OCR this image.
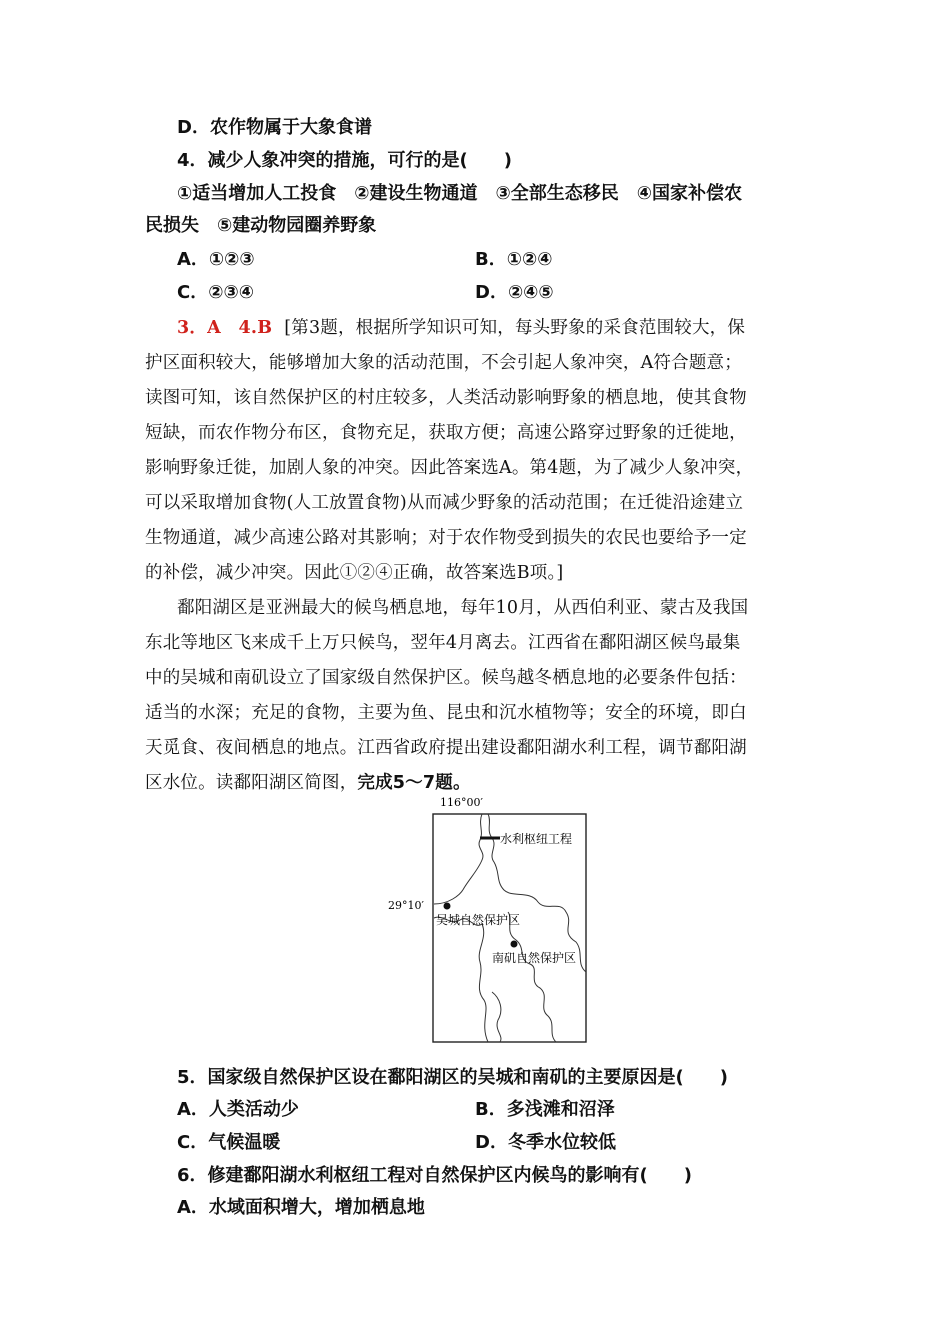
D．农作物属于大象食谱
4．减少人象冲突的措施，可行的是(　　)
①适当增加人工投食　②建设生物通道　③全部生态移民　④国家补偿农
民损失　⑤建动物园圈养野象
A．①②③	B．①②④
C．②③④	D．②④⑤
3．A　4.B [第3题，根据所学知识可知，每头野象的采食范围较大，保
护区面积较大，能够增加大象的活动范围，不会引起人象冲突，A符合题意；
读图可知，该自然保护区的村庄较多，人类活动影响野象的栖息地，使其食物
短缺，而农作物分布区，食物充足，获取方便；高速公路穿过野象的迁徙地，
影响野象迁徙，加剧人象的冲突。因此答案选A。第4题，为了减少人象冲突，
可以采取增加食物(人工放置食物)从而减少野象的活动范围；在迁徙沿途建立
生物通道，减少高速公路对其影响；对于农作物受到损失的农民也要给予一定
的补偿，减少冲突。因此①②④正确，故答案选B项。]
鄱阳湖区是亚洲最大的候鸟栖息地，每年10月，从西伯利亚、蒙古及我国
东北等地区飞来成千上万只候鸟，翌年4月离去。江西省在鄱阳湖区候鸟最集
中的吴城和南矶设立了国家级自然保护区。候鸟越冬栖息地的必要条件包括：
适当的水深；充足的食物，主要为鱼、昆虫和沉水植物等；安全的环境，即白
天觅食、夜间栖息的地点。江西省政府提出建设鄱阳湖水利工程，调节鄱阳湖
区水位。读鄱阳湖区简图，完成5～7题。
116°00′
水利枢纽工程
29°10′
吴城自然保护区
南矶自然保护区
5．国家级自然保护区设在鄱阳湖区的吴城和南矶的主要原因是(　　)
A．人类活动少	B．多浅滩和沼泽
C．气候温暖	D．冬季水位较低
6．修建鄱阳湖水利枢纽工程对自然保护区内候鸟的影响有(　　)
A．水域面积增大，增加栖息地
